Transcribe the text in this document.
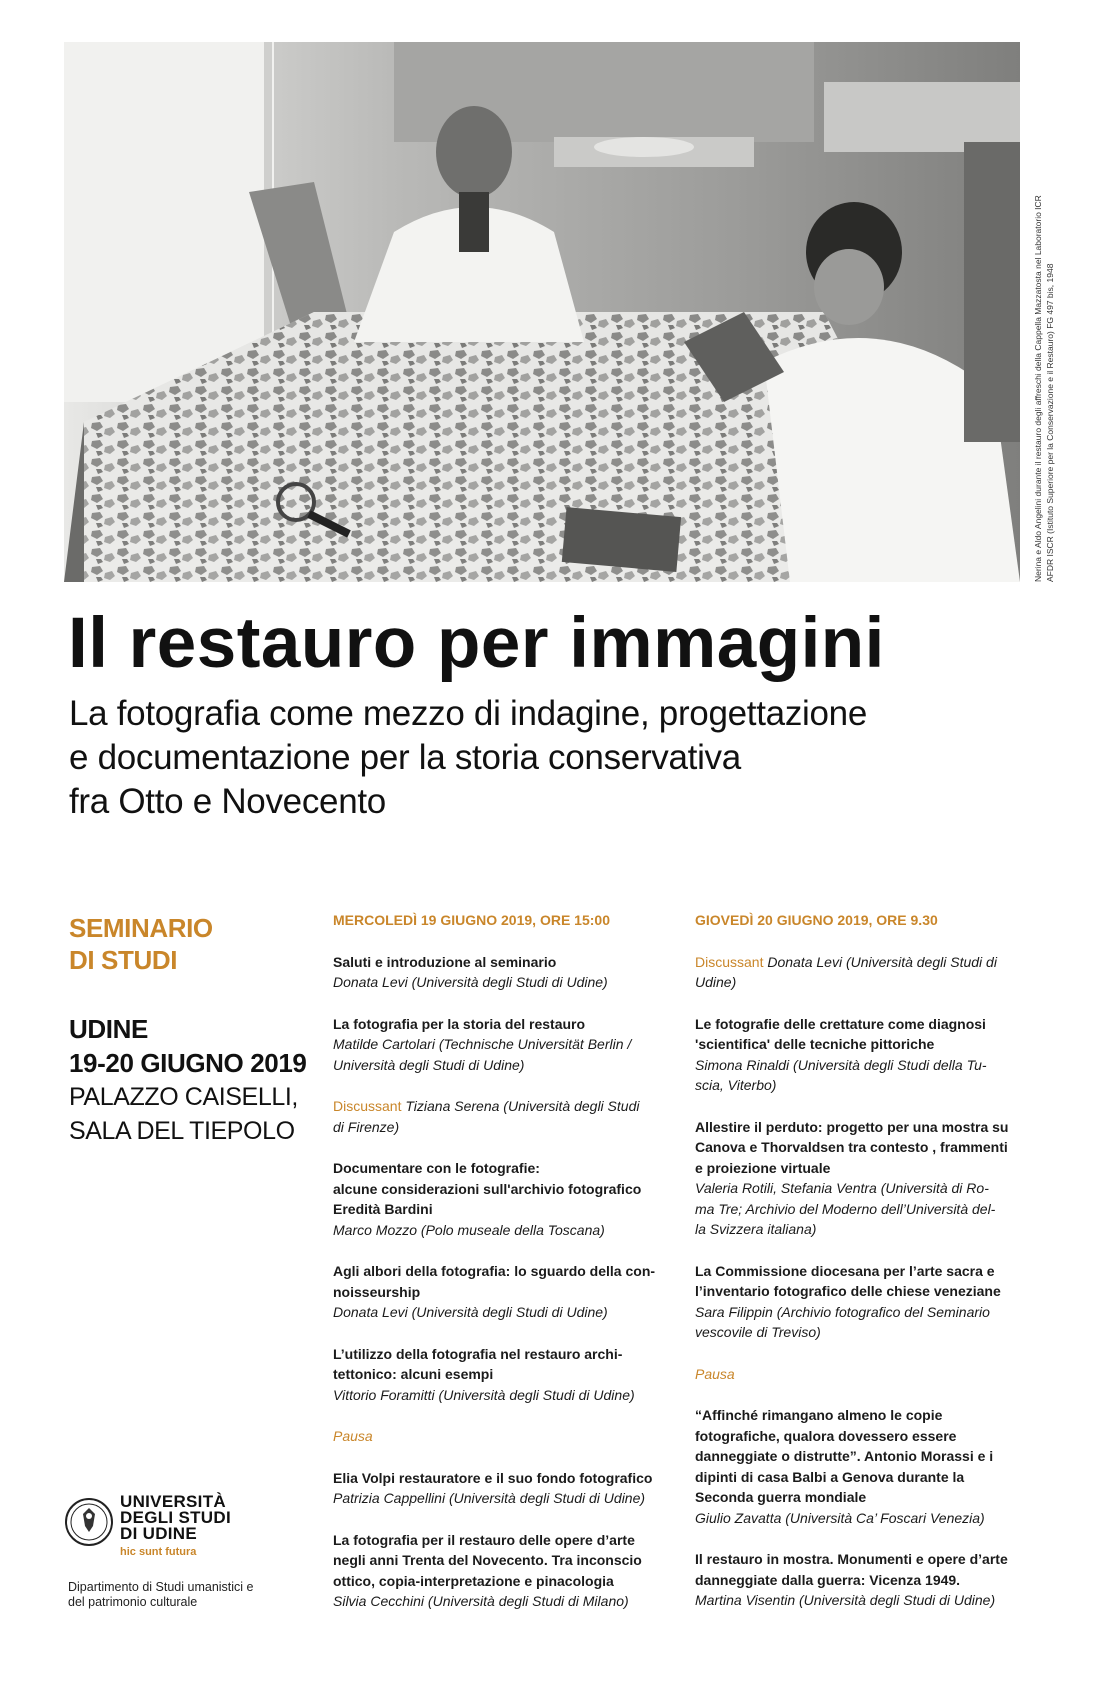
Nerina e Aldo Angelini durante il restauro degli affreschi della Cappella Mazzatosta nel Laboratorio ICR
AFDR ISCR (Istituto Superiore per la Conservazione e il Restauro) FG 497 bis, 1948
Il restauro per immagini
La fotografia come mezzo di indagine, progettazione
e documentazione per la storia conservativa
fra Otto e Novecento
SEMINARIO
DI STUDI
UDINE
19-20 GIUGNO 2019
PALAZZO CAISELLI,
SALA DEL TIEPOLO
UNIVERSITÀ
DEGLI STUDI
DI UDINE
hic sunt futura
Dipartimento di Studi umanistici e
del patrimonio culturale
MERCOLEDÌ 19 GIUGNO 2019, ORE 15:00
Saluti e introduzione al seminario
Donata Levi (Università degli Studi di Udine)
La fotografia per la storia del restauro
Matilde Cartolari (Technische Universität Berlin /
Università degli Studi di Udine)
Discussant Tiziana Serena (Università degli Studi
di Firenze)
Documentare con le fotografie:
alcune considerazioni sull'archivio fotografico
Eredità Bardini
Marco Mozzo (Polo museale della Toscana)
Agli albori della fotografia: lo sguardo della con-
noisseurship
Donata Levi (Università degli Studi di Udine)
L’utilizzo della fotografia nel restauro archi-
tettonico: alcuni esempi
Vittorio Foramitti (Università degli Studi di Udine)
Pausa
Elia Volpi restauratore e il suo fondo fotografico
Patrizia Cappellini (Università degli Studi di Udine)
La fotografia per il restauro delle opere d’arte
negli anni Trenta del Novecento. Tra inconscio
ottico, copia-interpretazione e pinacologia
Silvia Cecchini (Università degli Studi di Milano)
GIOVEDÌ 20 GIUGNO 2019, ORE 9.30
Discussant Donata Levi (Università degli Studi di
Udine)
Le fotografie delle crettature come diagnosi
'scientifica' delle tecniche pittoriche
Simona Rinaldi (Università degli Studi della Tu-
scia, Viterbo)
Allestire il perduto: progetto per una mostra su
Canova e Thorvaldsen tra contesto , frammenti
e proiezione virtuale
Valeria Rotili, Stefania Ventra (Università di Ro-
ma Tre; Archivio del Moderno dell’Università del-
la Svizzera italiana)
La Commissione diocesana per l’arte sacra e
l’inventario fotografico delle chiese veneziane
Sara Filippin (Archivio fotografico del Seminario
vescovile di Treviso)
Pausa
“Affinché rimangano almeno le copie
fotografiche, qualora dovessero essere
danneggiate o distrutte”. Antonio Morassi e i
dipinti di casa Balbi a Genova durante la
Seconda guerra mondiale
Giulio Zavatta (Università Ca’ Foscari Venezia)
Il restauro in mostra. Monumenti e opere d’arte
danneggiate dalla guerra: Vicenza 1949.
Martina Visentin (Università degli Studi di Udine)
